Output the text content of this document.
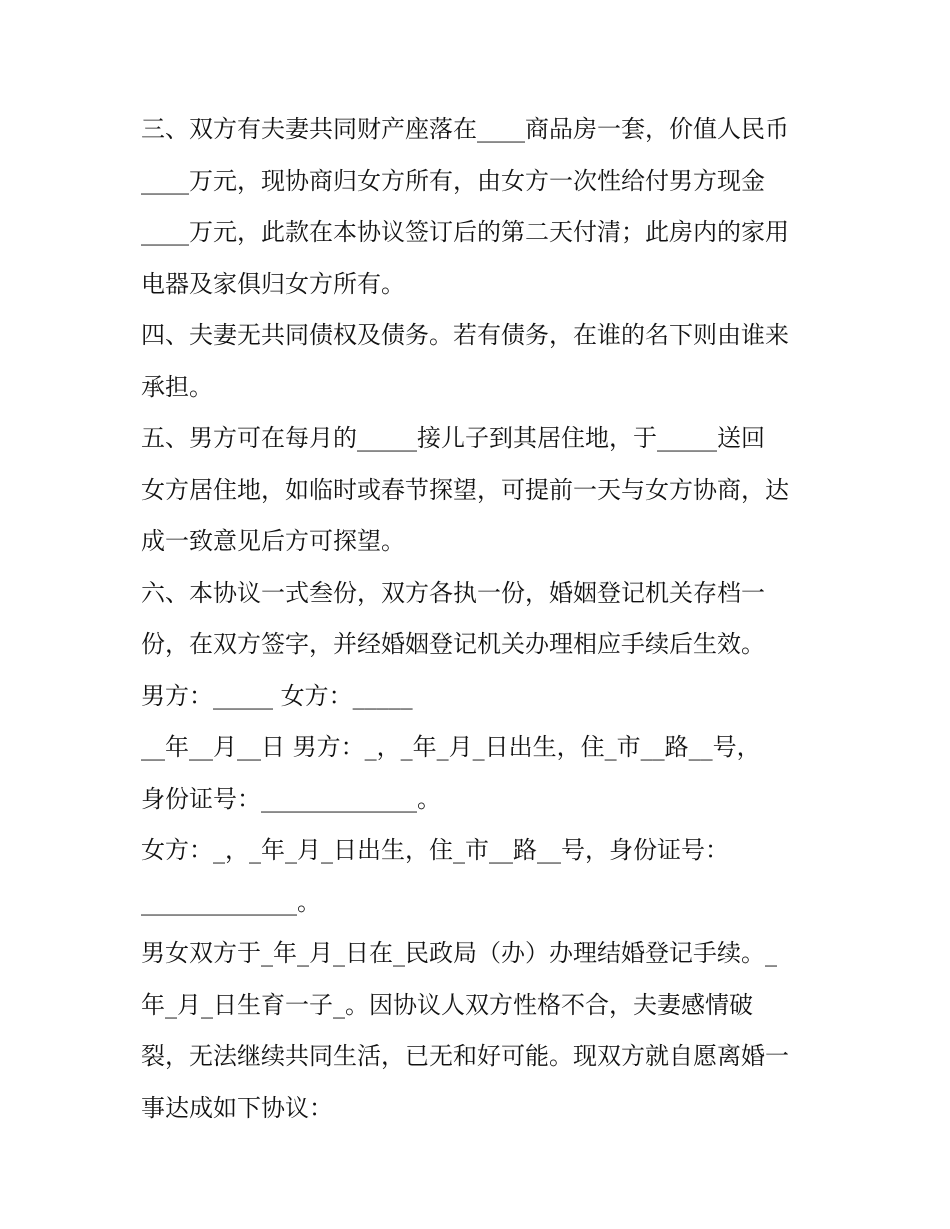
三、双方有夫妻共同财产座落在____商品房一套，价值人民币
____万元，现协商归女方所有，由女方一次性给付男方现金
____万元，此款在本协议签订后的第二天付清；此房内的家用
电器及家俱归女方所有。
四、夫妻无共同债权及债务。若有债务，在谁的名下则由谁来
承担。
五、男方可在每月的_____接儿子到其居住地，于_____送回
女方居住地，如临时或春节探望，可提前一天与女方协商，达
成一致意见后方可探望。
六、本协议一式叁份，双方各执一份，婚姻登记机关存档一
份，在双方签字，并经婚姻登记机关办理相应手续后生效。
男方：_____ 女方：_____
__年__月__日 男方：_，_年_月_日出生，住_市__路__号，
身份证号：_____________。
女方：_，_年_月_日出生，住_市__路__号，身份证号：
_____________。
男女双方于_年_月_日在_民政局（办）办理结婚登记手续。_
年_月_日生育一子_。因协议人双方性格不合，夫妻感情破
裂，无法继续共同生活，已无和好可能。现双方就自愿离婚一
事达成如下协议：
